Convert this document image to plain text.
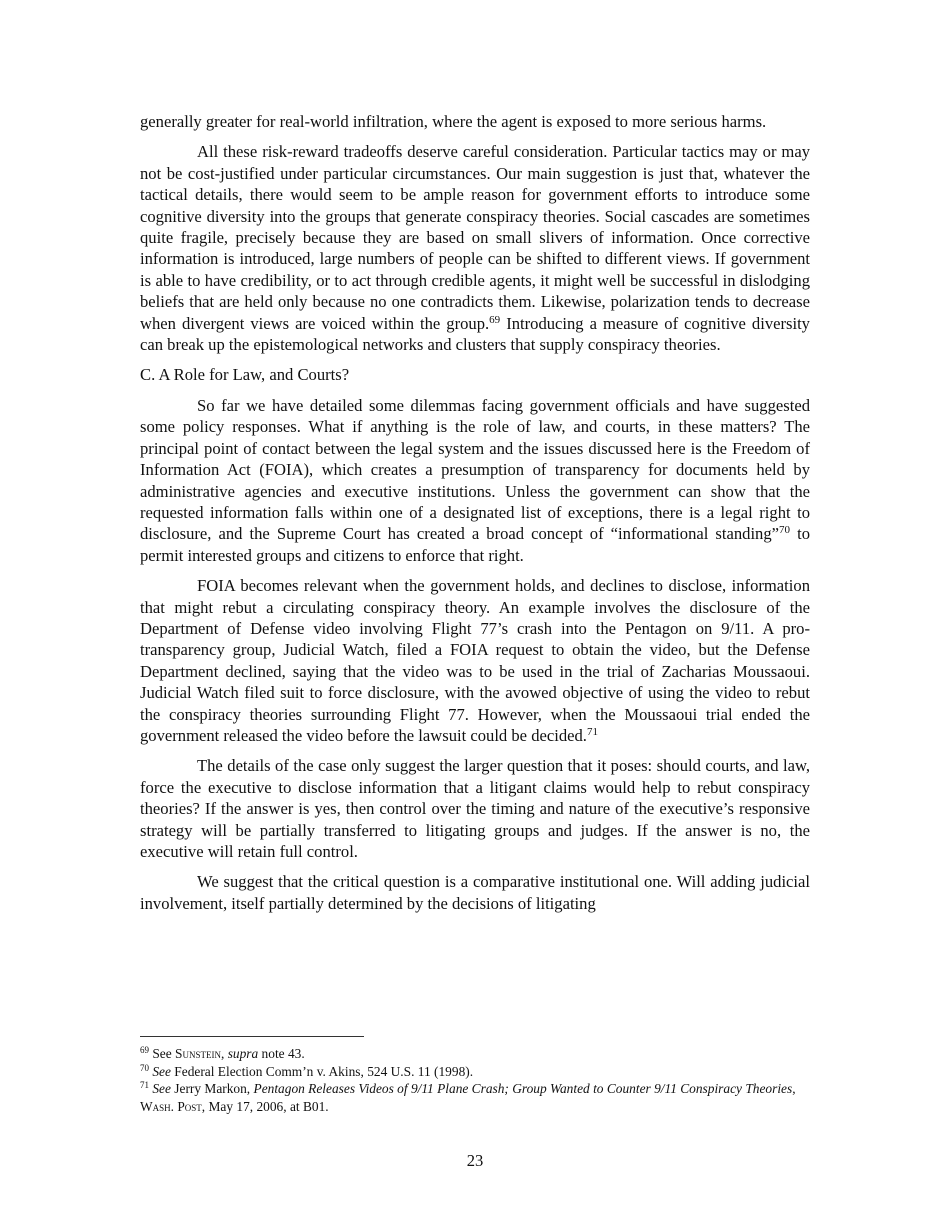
generally greater for real-world infiltration, where the agent is exposed to more serious harms.

All these risk-reward tradeoffs deserve careful consideration. Particular tactics may or may not be cost-justified under particular circumstances. Our main suggestion is just that, whatever the tactical details, there would seem to be ample reason for government efforts to introduce some cognitive diversity into the groups that generate conspiracy theories. Social cascades are sometimes quite fragile, precisely because they are based on small slivers of information. Once corrective information is introduced, large numbers of people can be shifted to different views. If government is able to have credibility, or to act through credible agents, it might well be successful in dislodging beliefs that are held only because no one contradicts them. Likewise, polarization tends to decrease when divergent views are voiced within the group.$^{69}$ Introducing a measure of cognitive diversity can break up the epistemological networks and clusters that supply conspiracy theories.

C. A Role for Law, and Courts?

So far we have detailed some dilemmas facing government officials and have suggested some policy responses. What if anything is the role of law, and courts, in these matters? The principal point of contact between the legal system and the issues discussed here is the Freedom of Information Act (FOIA), which creates a presumption of transparency for documents held by administrative agencies and executive institutions. Unless the government can show that the requested information falls within one of a designated list of exceptions, there is a legal right to disclosure, and the Supreme Court has created a broad concept of “informational standing”$^{70}$ to permit interested groups and citizens to enforce that right.

FOIA becomes relevant when the government holds, and declines to disclose, information that might rebut a circulating conspiracy theory. An example involves the disclosure of the Department of Defense video involving Flight 77’s crash into the Pentagon on 9/11. A pro-transparency group, Judicial Watch, filed a FOIA request to obtain the video, but the Defense Department declined, saying that the video was to be used in the trial of Zacharias Moussaoui. Judicial Watch filed suit to force disclosure, with the avowed objective of using the video to rebut the conspiracy theories surrounding Flight 77. However, when the Moussaoui trial ended the government released the video before the lawsuit could be decided.$^{71}$

The details of the case only suggest the larger question that it poses: should courts, and law, force the executive to disclose information that a litigant claims would help to rebut conspiracy theories? If the answer is yes, then control over the timing and nature of the executive’s responsive strategy will be partially transferred to litigating groups and judges. If the answer is no, the executive will retain full control.

We suggest that the critical question is a comparative institutional one. Will adding judicial involvement, itself partially determined by the decisions of litigating

$^{69}$ See Sunstein, supra note 43.
$^{70}$ See Federal Election Comm’n v. Akins, 524 U.S. 11 (1998).
$^{71}$ See Jerry Markon, Pentagon Releases Videos of 9/11 Plane Crash; Group Wanted to Counter 9/11 Conspiracy Theories, Wash. Post, May 17, 2006, at B01.
23
